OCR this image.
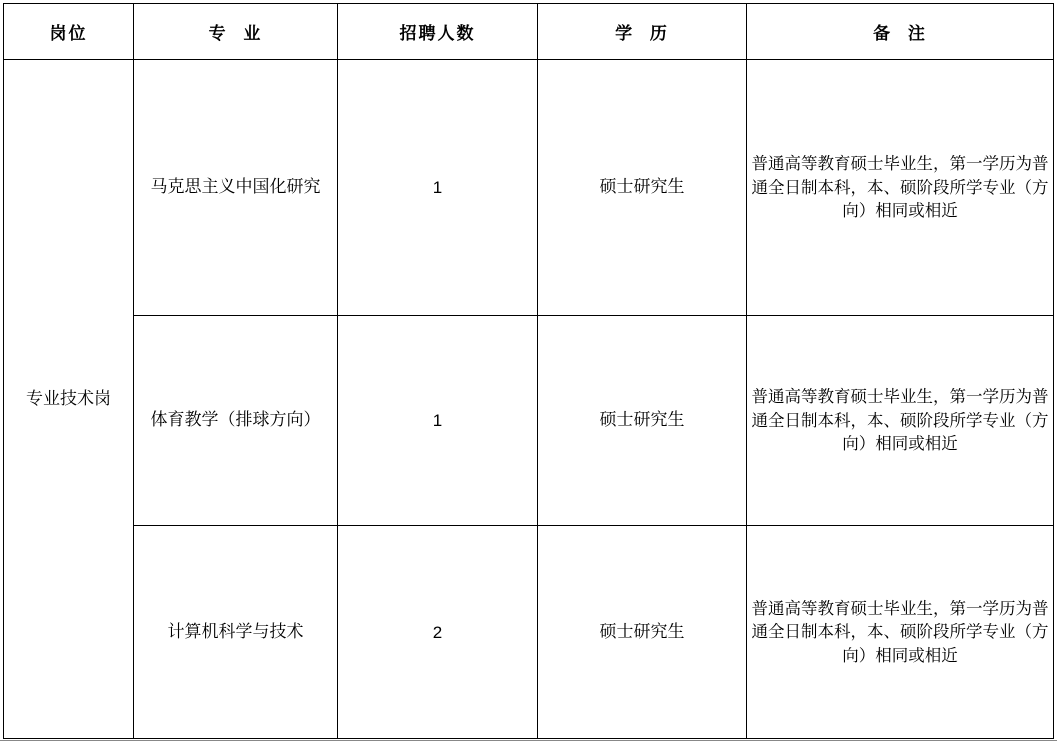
岗位	专  业	招聘人数	学  历	备  注
专业技术岗	马克思主义中国化研究	1	硕士研究生	普通高等教育硕士毕业生，第一学历为普通全日制本科，本、硕阶段所学专业（方向）相同或相近
	体育教学（排球方向）	1	硕士研究生	普通高等教育硕士毕业生，第一学历为普通全日制本科，本、硕阶段所学专业（方向）相同或相近
	计算机科学与技术	2	硕士研究生	普通高等教育硕士毕业生，第一学历为普通全日制本科，本、硕阶段所学专业（方向）相同或相近
